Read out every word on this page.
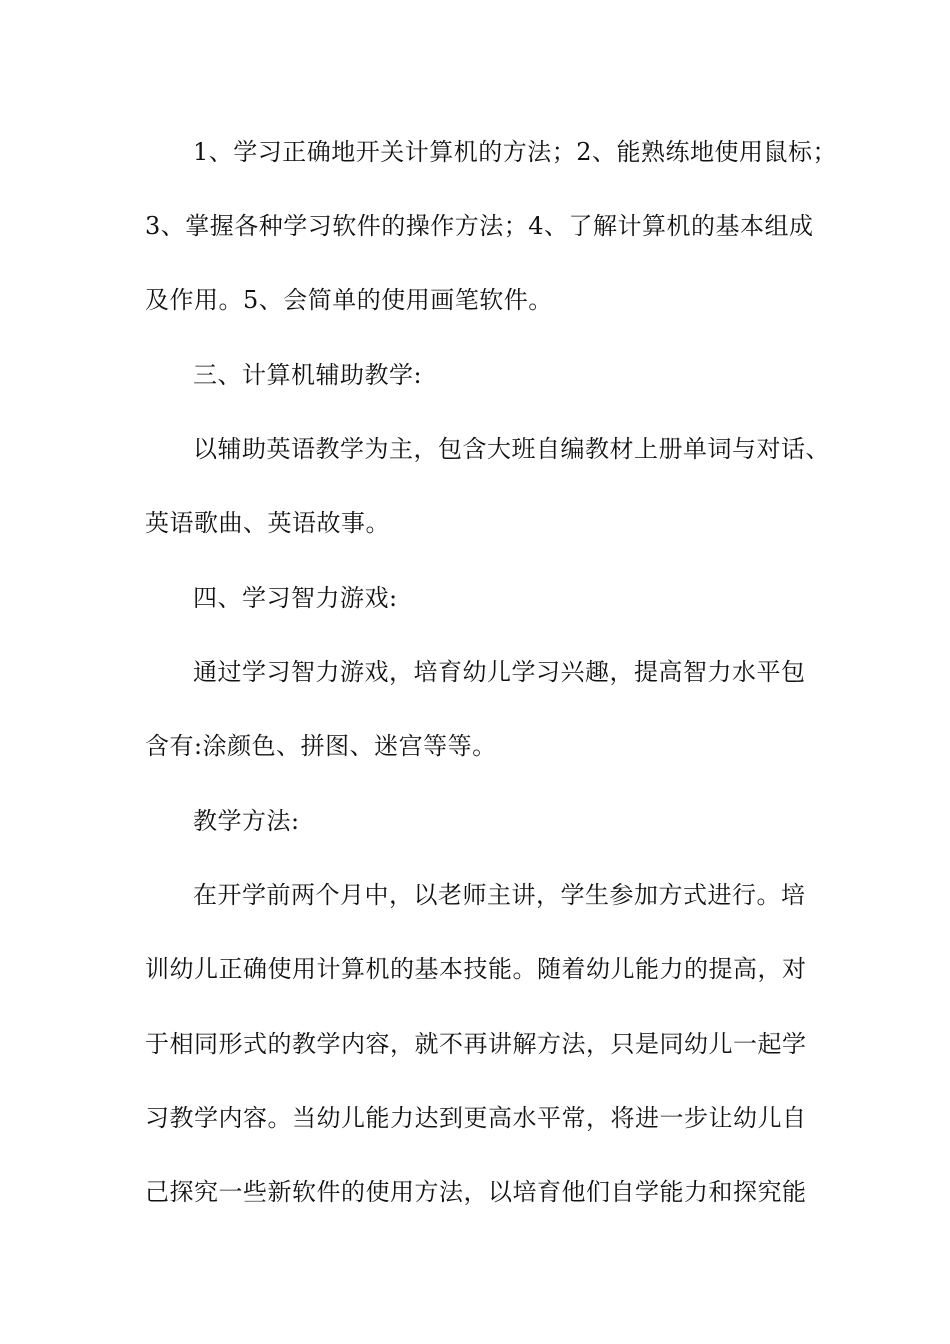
1、学习正确地开关计算机的方法；2、能熟练地使用鼠标；

3、掌握各种学习软件的操作方法；4、了解计算机的基本组成

及作用。5、会简单的使用画笔软件。

三、计算机辅助教学:

以辅助英语教学为主，包含大班自编教材上册单词与对话、

英语歌曲、英语故事。

四、学习智力游戏:

通过学习智力游戏，培育幼儿学习兴趣，提高智力水平包

含有:涂颜色、拼图、迷宫等等。

教学方法:

在开学前两个月中，以老师主讲，学生参加方式进行。培

训幼儿正确使用计算机的基本技能。随着幼儿能力的提高，对

于相同形式的教学内容，就不再讲解方法，只是同幼儿一起学

习教学内容。当幼儿能力达到更高水平常，将进一步让幼儿自

己探究一些新软件的使用方法，以培育他们自学能力和探究能
